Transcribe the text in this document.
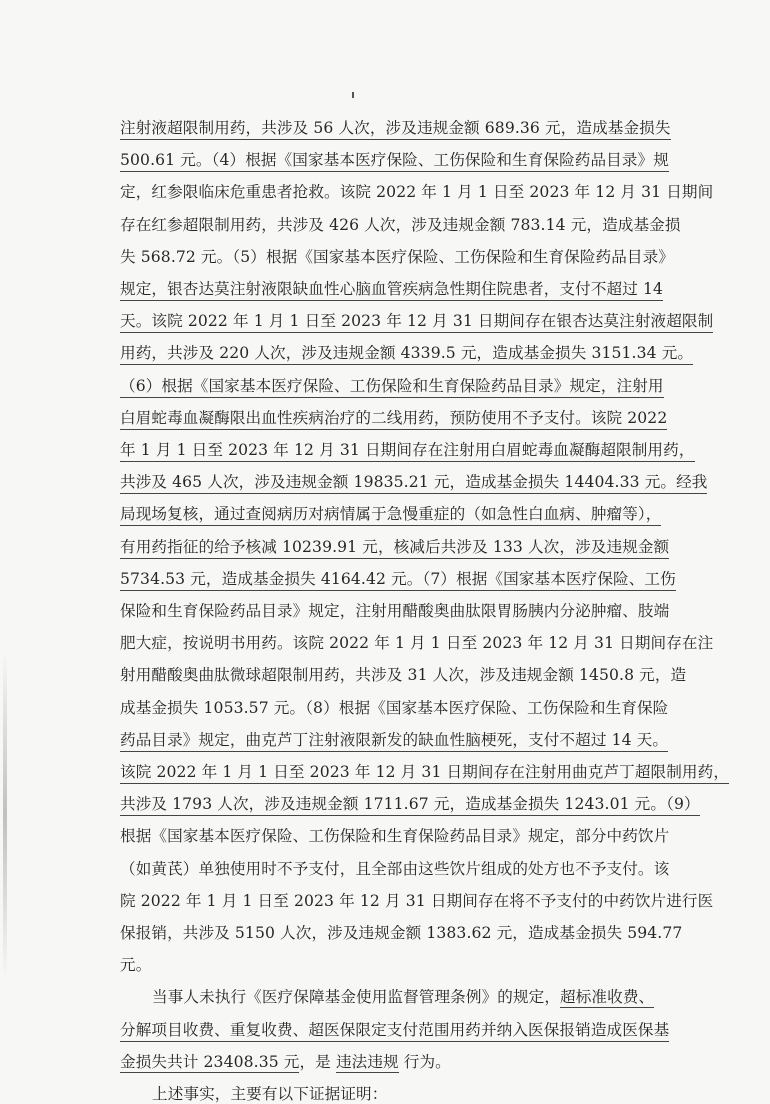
注射液超限制用药，共涉及 56 人次，涉及违规金额 689.36 元，造成基金损失
500.61 元。（4）根据《国家基本医疗保险、工伤保险和生育保险药品目录》规
定，红参限临床危重患者抢救。该院 2022 年 1 月 1 日至 2023 年 12 月 31 日期间
存在红参超限制用药，共涉及 426 人次，涉及违规金额 783.14 元，造成基金损
失 568.72 元。（5）根据《国家基本医疗保险、工伤保险和生育保险药品目录》
规定，银杏达莫注射液限缺血性心脑血管疾病急性期住院患者，支付不超过 14
天。该院 2022 年 1 月 1 日至 2023 年 12 月 31 日期间存在银杏达莫注射液超限制
用药，共涉及 220 人次，涉及违规金额 4339.5 元，造成基金损失 3151.34 元。
（6）根据《国家基本医疗保险、工伤保险和生育保险药品目录》规定，注射用
白眉蛇毒血凝酶限出血性疾病治疗的二线用药，预防使用不予支付。该院 2022
年 1 月 1 日至 2023 年 12 月 31 日期间存在注射用白眉蛇毒血凝酶超限制用药，
共涉及 465 人次，涉及违规金额 19835.21 元，造成基金损失 14404.33 元。经我
局现场复核，通过查阅病历对病情属于急慢重症的（如急性白血病、肿瘤等），
有用药指征的给予核减 10239.91 元，核减后共涉及 133 人次，涉及违规金额
5734.53 元，造成基金损失 4164.42 元。（7）根据《国家基本医疗保险、工伤
保险和生育保险药品目录》规定，注射用醋酸奥曲肽限胃肠胰内分泌肿瘤、肢端
肥大症，按说明书用药。该院 2022 年 1 月 1 日至 2023 年 12 月 31 日期间存在注
射用醋酸奥曲肽微球超限制用药，共涉及 31 人次，涉及违规金额 1450.8 元，造
成基金损失 1053.57 元。（8）根据《国家基本医疗保险、工伤保险和生育保险
药品目录》规定，曲克芦丁注射液限新发的缺血性脑梗死，支付不超过 14 天。
该院 2022 年 1 月 1 日至 2023 年 12 月 31 日期间存在注射用曲克芦丁超限制用药，
共涉及 1793 人次，涉及违规金额 1711.67 元，造成基金损失 1243.01 元。（9）
根据《国家基本医疗保险、工伤保险和生育保险药品目录》规定，部分中药饮片
（如黄芪）单独使用时不予支付，且全部由这些饮片组成的处方也不予支付。该
院 2022 年 1 月 1 日至 2023 年 12 月 31 日期间存在将不予支付的中药饮片进行医
保报销，共涉及 5150 人次，涉及违规金额 1383.62 元，造成基金损失 594.77
元。
当事人未执行《医疗保障基金使用监督管理条例》的规定，超标准收费、
分解项目收费、重复收费、超医保限定支付范围用药并纳入医保报销造成医保基
金损失共计 23408.35 元，是 违法违规 行为。
上述事实，主要有以下证据证明：
